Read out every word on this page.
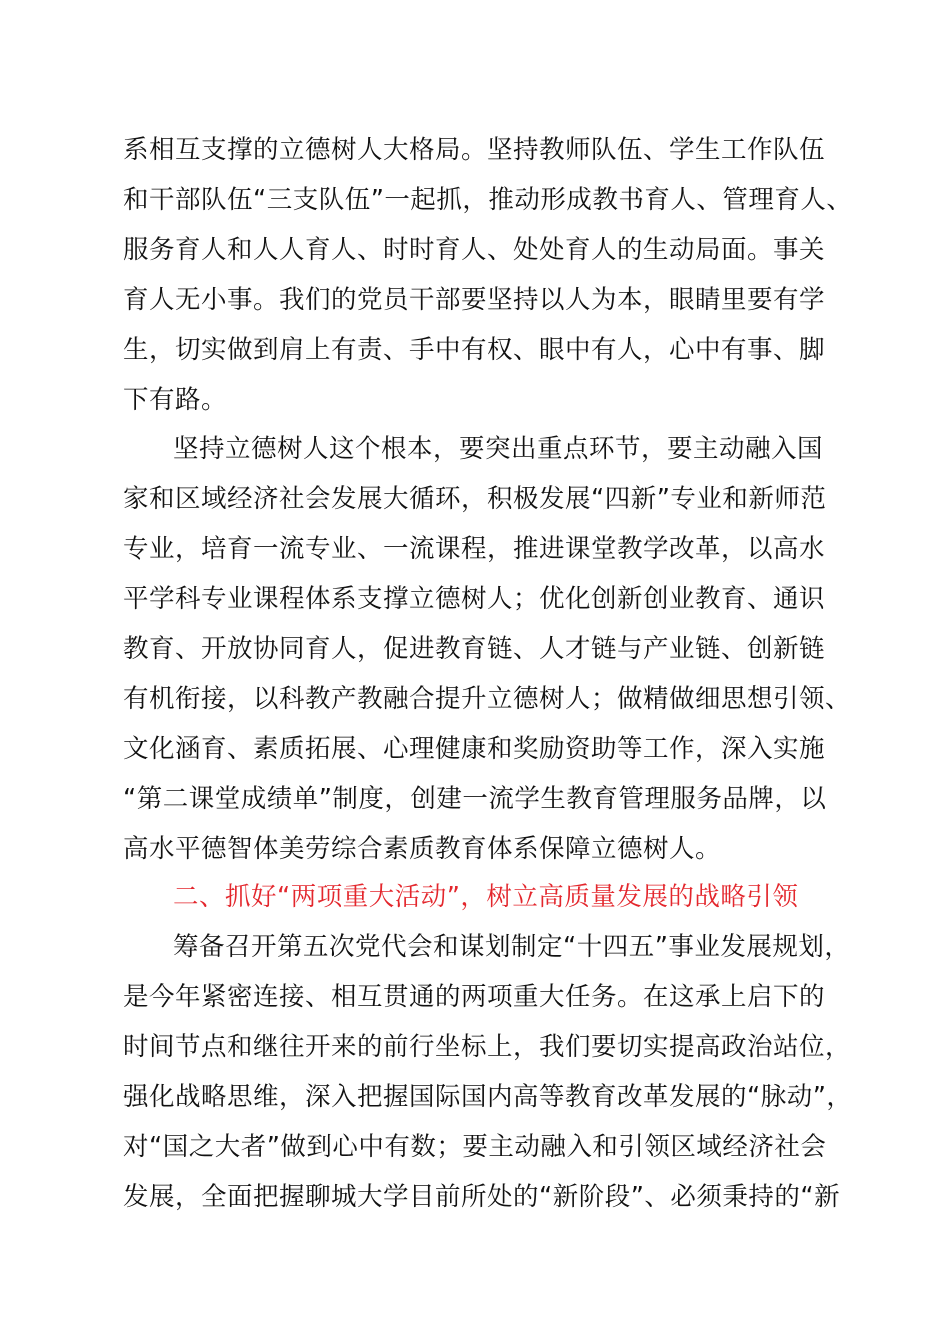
系相互支撑的立德树人大格局。坚持教师队伍、学生工作队伍
和干部队伍“三支队伍”一起抓，推动形成教书育人、管理育人、
服务育人和人人育人、时时育人、处处育人的生动局面。事关
育人无小事。我们的党员干部要坚持以人为本，眼睛里要有学
生，切实做到肩上有责、手中有权、眼中有人，心中有事、脚
下有路。
坚持立德树人这个根本，要突出重点环节，要主动融入国
家和区域经济社会发展大循环，积极发展“四新”专业和新师范
专业，培育一流专业、一流课程，推进课堂教学改革，以高水
平学科专业课程体系支撑立德树人；优化创新创业教育、通识
教育、开放协同育人，促进教育链、人才链与产业链、创新链
有机衔接，以科教产教融合提升立德树人；做精做细思想引领、
文化涵育、素质拓展、心理健康和奖励资助等工作，深入实施
“第二课堂成绩单”制度，创建一流学生教育管理服务品牌，以
高水平德智体美劳综合素质教育体系保障立德树人。
二、抓好“两项重大活动”，树立高质量发展的战略引领
筹备召开第五次党代会和谋划制定“十四五”事业发展规划，
是今年紧密连接、相互贯通的两项重大任务。在这承上启下的
时间节点和继往开来的前行坐标上，我们要切实提高政治站位，
强化战略思维，深入把握国际国内高等教育改革发展的“脉动”，
对“国之大者”做到心中有数；要主动融入和引领区域经济社会
发展，全面把握聊城大学目前所处的“新阶段”、必须秉持的“新
